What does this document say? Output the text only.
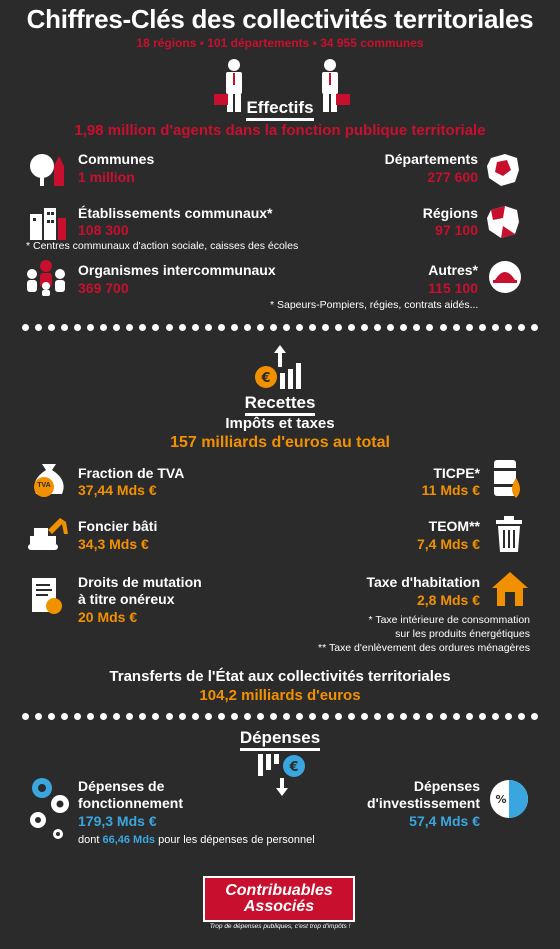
Chiffres-Clés des collectivités territoriales
18 régions • 101 départements • 34 955 communes
Effectifs
1,98 million d'agents dans la fonction publique territoriale
Communes
1 million
Départements
277 600
Établissements communaux*
108 300
Régions
97 100
* Centres communaux d'action sociale, caisses des écoles
Organismes intercommunaux
369 700
Autres*
115 100
* Sapeurs-Pompiers, régies, contrats aidés...
€
Recettes
Impôts et taxes
157 milliards d'euros au total
TVA
Fraction de TVA
37,44 Mds €
TICPE*
11 Mds €
Foncier bâti
34,3 Mds €
TEOM**
7,4 Mds €
Droits de mutation
à titre onéreux
20 Mds €
Taxe d'habitation
2,8 Mds €
* Taxe intérieure de consommation
sur les produits énergétiques
** Taxe d'enlèvement des ordures ménagères
Transferts de l'État aux collectivités territoriales
104,2 milliards d'euros
Dépenses
€
Dépenses de
fonctionnement
179,3 Mds €
Dépenses
d'investissement
57,4 Mds €
%
dont 66,46 Mds pour les dépenses de personnel
Contribuables
Associés
Trop de dépenses publiques, c'est trop d'impôts !
